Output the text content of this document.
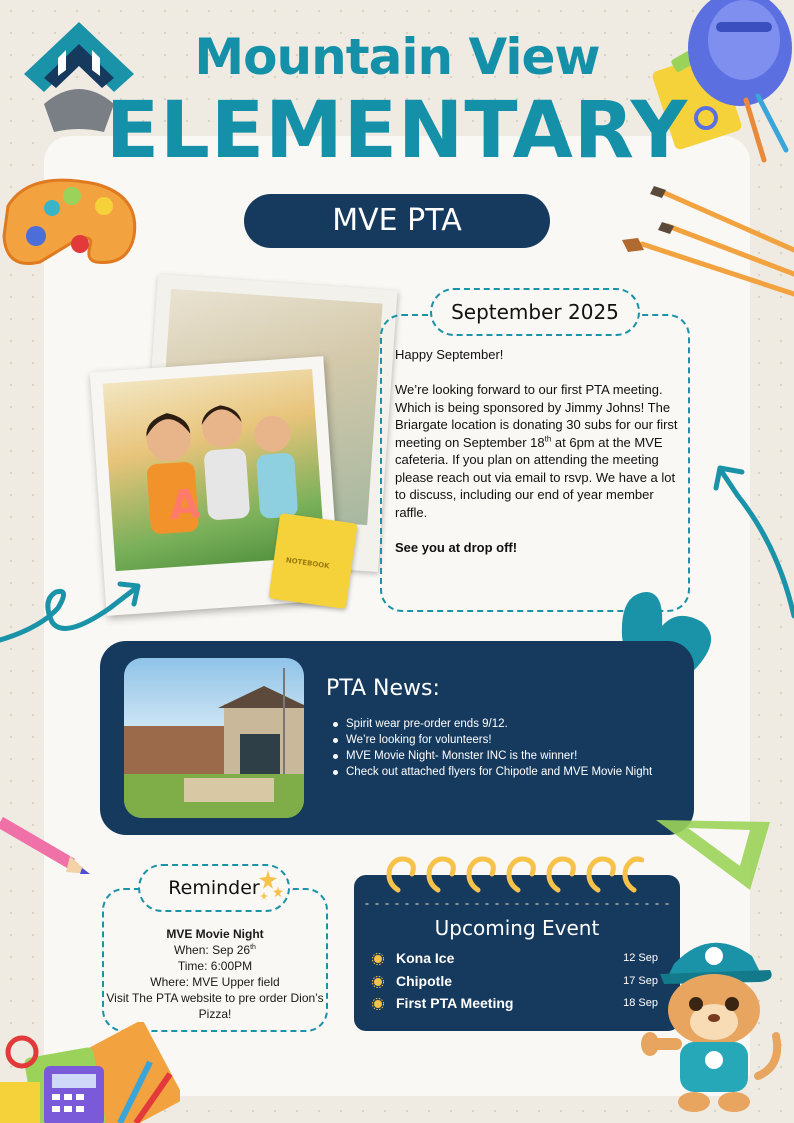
Mountain View
ELEMENTARY
MVE PTA
A
NOTEBOOK
September 2025

Happy September!

We’re looking forward to our first PTA meeting. Which is being sponsored by Jimmy Johns! The Briargate location is donating 30 subs for our first meeting on September 18th at 6pm at the MVE cafeteria. If you plan on attending the meeting please reach out via email to rsvp. We have a lot to discuss, including our end of year member raffle.

See you at drop off!

PTA News:
Spirit wear pre-order ends 9/12.
We’re looking for volunteers!
MVE Movie Night- Monster INC is the winner!
Check out attached flyers for Chipotle and MVE Movie Night
Reminder
MVE Movie Night
When: Sep 26th
Time: 6:00PM
Where: MVE Upper field
Visit The PTA website to pre order Dion’s Pizza!
Upcoming Event
Kona Ice	12 Sep
Chipotle	17 Sep
First PTA Meeting	18 Sep
